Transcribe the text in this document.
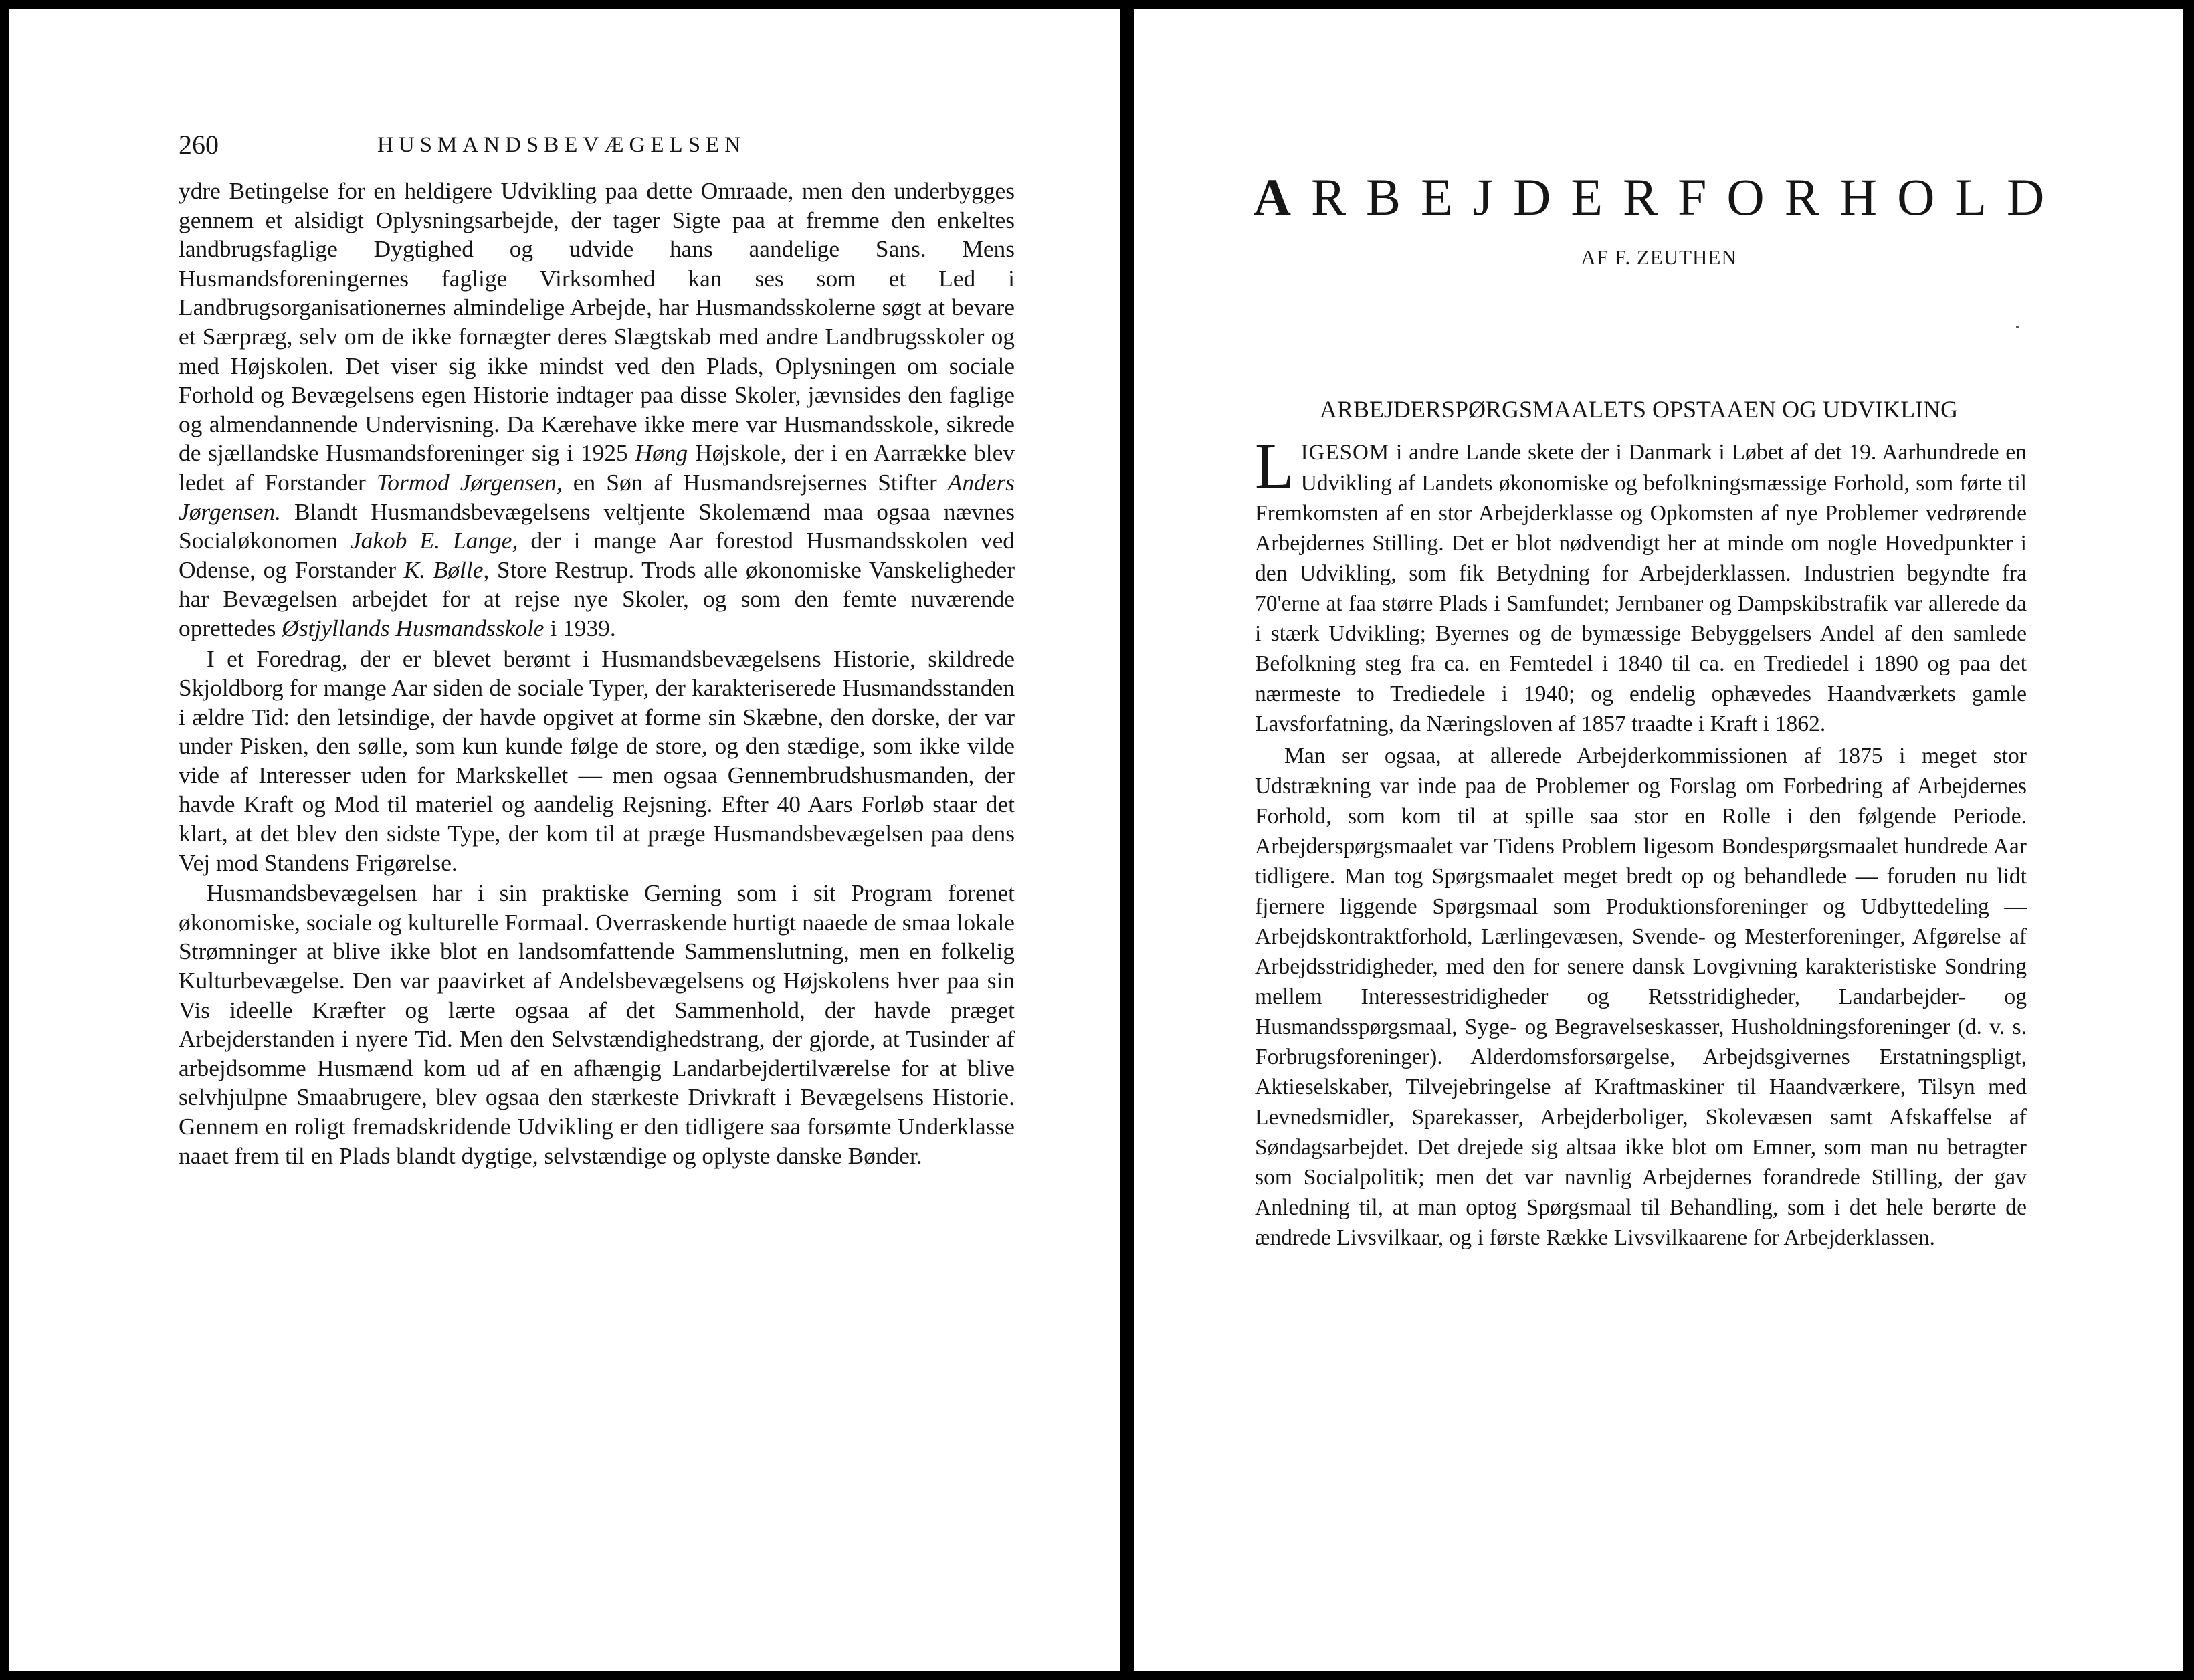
260	HUSMANDSBEVÆGELSEN

ydre Betingelse for en heldigere Udvikling paa dette Omraade, men den underbygges gennem et alsidigt Oplysningsarbejde, der tager Sigte paa at fremme den enkeltes landbrugsfaglige Dygtighed og udvide hans aandelige Sans. Mens Husmandsforeningernes faglige Virksomhed kan ses som et Led i Landbrugsorganisationernes almindelige Arbejde, har Husmandsskolerne søgt at bevare et Særpræg, selv om de ikke fornægter deres Slægtskab med andre Landbrugsskoler og med Højskolen. Det viser sig ikke mindst ved den Plads, Oplysningen om sociale Forhold og Bevægelsens egen Historie indtager paa disse Skoler, jævnsides den faglige og almendannende Undervisning. Da Kærehave ikke mere var Husmandsskole, sikrede de sjællandske Husmandsforeninger sig i 1925 Høng Højskole, der i en Aarrække blev ledet af Forstander Tormod Jørgensen, en Søn af Husmandsrejsernes Stifter Anders Jørgensen. Blandt Husmandsbevægelsens veltjente Skolemænd maa ogsaa nævnes Socialøkonomen Jakob E. Lange, der i mange Aar forestod Husmandsskolen ved Odense, og Forstander K. Bølle, Store Restrup. Trods alle økonomiske Vanskeligheder har Bevægelsen arbejdet for at rejse nye Skoler, og som den femte nuværende oprettedes Østjyllands Husmandsskole i 1939.

I et Foredrag, der er blevet berømt i Husmandsbevægelsens Historie, skildrede Skjoldborg for mange Aar siden de sociale Typer, der karakteriserede Husmandsstanden i ældre Tid: den letsindige, der havde opgivet at forme sin Skæbne, den dorske, der var under Pisken, den sølle, som kun kunde følge de store, og den stædige, som ikke vilde vide af Interesser uden for Markskellet — men ogsaa Gennembrudshusmanden, der havde Kraft og Mod til materiel og aandelig Rejsning. Efter 40 Aars Forløb staar det klart, at det blev den sidste Type, der kom til at præge Husmandsbevægelsen paa dens Vej mod Standens Frigørelse.

Husmandsbevægelsen har i sin praktiske Gerning som i sit Program forenet økonomiske, sociale og kulturelle Formaal. Overraskende hurtigt naaede de smaa lokale Strømninger at blive ikke blot en landsomfattende Sammenslutning, men en folkelig Kulturbevægelse. Den var paavirket af Andelsbevægelsens og Højskolens hver paa sin Vis ideelle Kræfter og lærte ogsaa af det Sammenhold, der havde præget Arbejderstanden i nyere Tid. Men den Selvstændighedstrang, der gjorde, at Tusinder af arbejdsomme Husmænd kom ud af en afhængig Landarbejdertilværelse for at blive selvhjulpne Smaabrugere, blev ogsaa den stærkeste Drivkraft i Bevægelsens Historie. Gennem en roligt fremadskridende Udvikling er den tidligere saa forsømte Underklasse naaet frem til en Plads blandt dygtige, selvstændige og oplyste danske Bønder.

ARBEJDERFORHOLD
AF F. ZEUTHEN
ARBEJDERSPØRGSMAALETS OPSTAAEN OG UDVIKLING

LIGESOM i andre Lande skete der i Danmark i Løbet af det 19. Aarhundrede en Udvikling af Landets økonomiske og befolkningsmæssige Forhold, som førte til Fremkomsten af en stor Arbejderklasse og Opkomsten af nye Problemer vedrørende Arbejdernes Stilling. Det er blot nødvendigt her at minde om nogle Hovedpunkter i den Udvikling, som fik Betydning for Arbejderklassen. Industrien begyndte fra 70'erne at faa større Plads i Samfundet; Jernbaner og Dampskibstrafik var allerede da i stærk Udvikling; Byernes og de bymæssige Bebyggelsers Andel af den samlede Befolkning steg fra ca. en Femtedel i 1840 til ca. en Trediedel i 1890 og paa det nærmeste to Trediedele i 1940; og endelig ophævedes Haandværkets gamle Lavsforfatning, da Næringsloven af 1857 traadte i Kraft i 1862.

Man ser ogsaa, at allerede Arbejderkommissionen af 1875 i meget stor Udstrækning var inde paa de Problemer og Forslag om Forbedring af Arbejdernes Forhold, som kom til at spille saa stor en Rolle i den følgende Periode. Arbejderspørgsmaalet var Tidens Problem ligesom Bondespørgsmaalet hundrede Aar tidligere. Man tog Spørgsmaalet meget bredt op og behandlede — foruden nu lidt fjernere liggende Spørgsmaal som Produktionsforeninger og Udbyttedeling — Arbejdskontraktforhold, Lærlingevæsen, Svende- og Mesterforeninger, Afgørelse af Arbejdsstridigheder, med den for senere dansk Lovgivning karakteristiske Sondring mellem Interessestridigheder og Retsstridigheder, Landarbejder- og Husmandsspørgsmaal, Syge- og Begravelseskasser, Husholdningsforeninger (d. v. s. Forbrugsforeninger). Alderdomsforsørgelse, Arbejdsgivernes Erstatningspligt, Aktieselskaber, Tilvejebringelse af Kraftmaskiner til Haandværkere, Tilsyn med Levnedsmidler, Sparekasser, Arbejderboliger, Skolevæsen samt Afskaffelse af Søndagsarbejdet. Det drejede sig altsaa ikke blot om Emner, som man nu betragter som Socialpolitik; men det var navnlig Arbejdernes forandrede Stilling, der gav Anledning til, at man optog Spørgsmaal til Behandling, som i det hele berørte de ændrede Livsvilkaar, og i første Række Livsvilkaarene for Arbejderklassen.
